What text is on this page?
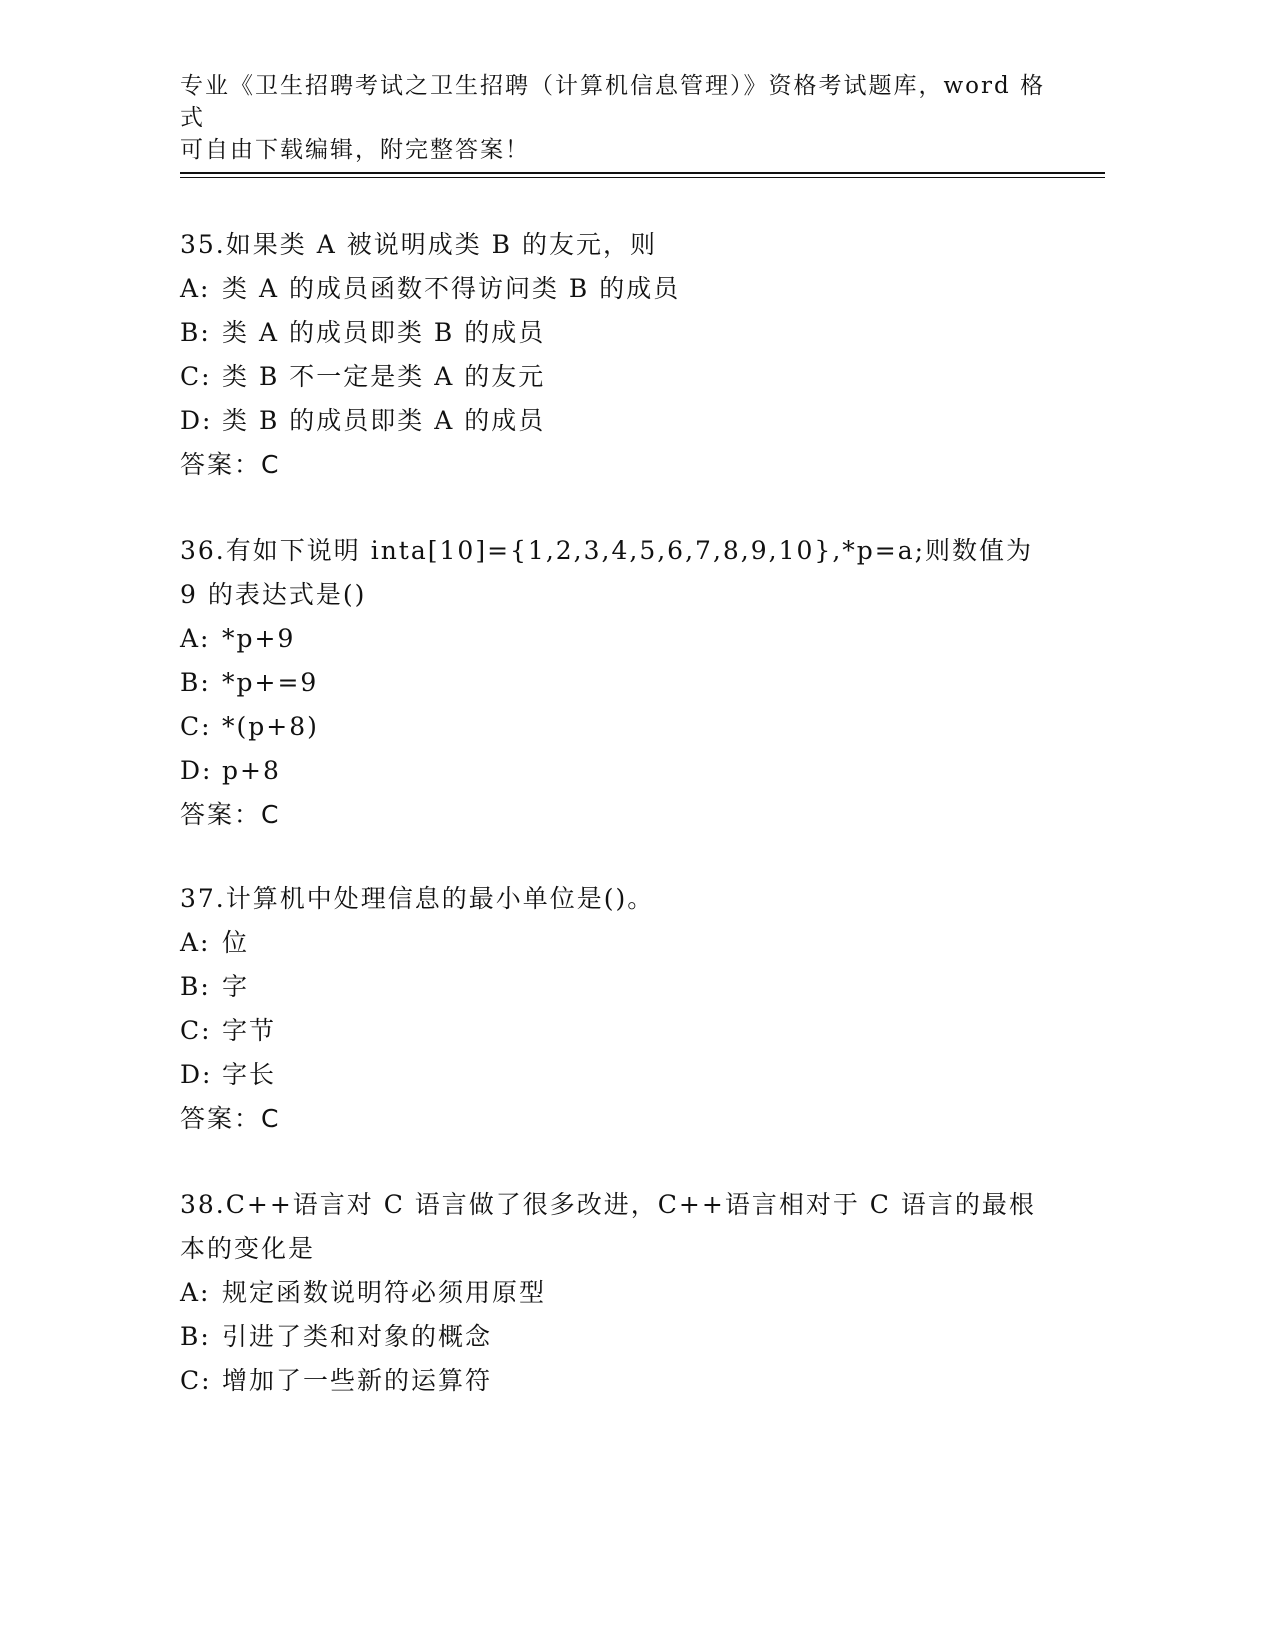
专业《卫生招聘考试之卫生招聘（计算机信息管理）》资格考试题库，word 格式
可自由下载编辑，附完整答案！

35.如果类 A 被说明成类 B 的友元，则

A: 类 A 的成员函数不得访问类 B 的成员
B: 类 A 的成员即类 B 的成员
C: 类 B 不一定是类 A 的友元
D: 类 B 的成员即类 A 的成员
答案：C

36.有如下说明 inta[10]={1,2,3,4,5,6,7,8,9,10},*p=a;则数值为 9 的表达式是()

A: *p+9
B: *p+=9
C: *(p+8)
D: p+8
答案：C

37.计算机中处理信息的最小单位是()。

A: 位
B: 字
C: 字节
D: 字长
答案：C

38.C++语言对 C 语言做了很多改进，C++语言相对于 C 语言的最根本的变化是

A: 规定函数说明符必须用原型
B: 引进了类和对象的概念
C: 增加了一些新的运算符
